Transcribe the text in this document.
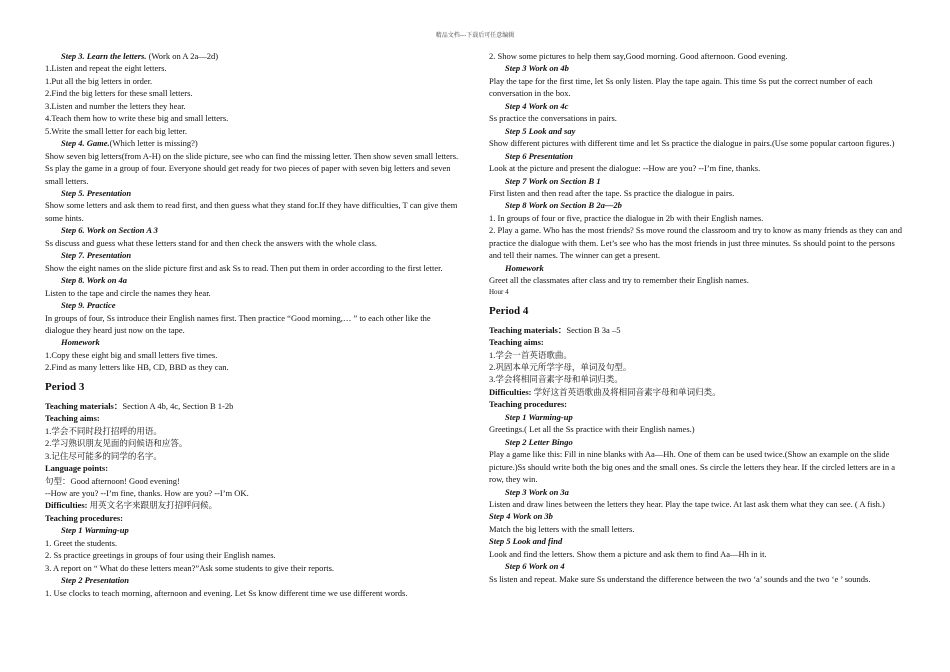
精品文档---下载后可任意编辑
Step 3. Learn the letters. (Work on A 2a—2d)
1.Listen and repeat the eight letters.
1.Put all the big letters in order.
2.Find the big letters for these small letters.
3.Listen and number the letters they hear.
4.Teach them how to write these big and small letters.
5.Write the small letter for each big letter.
Step 4. Game.(Which letter is missing?)
Show seven big letters(from A-H) on the slide picture, see who can find the missing letter. Then show seven small letters.
Ss play the game in a group of four. Everyone should get ready for two pieces of paper with seven big letters and seven small letters.
Step 5. Presentation
Show some letters and ask them to read first, and then guess what they stand for.If they have difficulties, T can give them some hints.
Step 6. Work on Section A 3
Ss discuss and guess what these letters stand for and then check the answers with the whole class.
Step 7. Presentation
Show the eight names on the slide picture first and ask Ss to read. Then put them in order according to the first letter.
Step 8. Work on 4a
Listen to the tape and circle the names they hear.
Step 9. Practice
In groups of four, Ss introduce their English names first. Then practice “Good morning,… ” to each other like the dialogue they heard just now on the tape.
Homework
1.Copy these eight big and small letters five times.
2.Find as many letters like HB, CD, BBD as they can.
Period 3
Teaching materials：Section A 4b, 4c, Section B 1-2b
Teaching aims:
1.学会不同时段打招呼的用语。
2.学习熟识朋友见面的问候语和应答。
3.记住尽可能多的同学的名字。
Language points:
句型：Good afternoon! Good evening!
--How are you? --I’m fine, thanks. How are you? --I’m OK.
Difficulties: 用英文名字来跟朋友打招呼问候。
Teaching procedures:
Step 1 Warming-up
1. Greet the students.
2. Ss practice greetings in groups of four using their English names.
3. A report on “ What do these letters mean?”Ask some students to give their reports.
Step 2 Presentation
1. Use clocks to teach morning, afternoon and evening. Let Ss know different time we use different words.
2. Show some pictures to help them say,Good morning. Good afternoon. Good evening.
Step 3 Work on 4b
Play the tape for the first time, let Ss only listen. Play the tape again. This time Ss put the correct number of each conversation in the box.
Step 4 Work on 4c
Ss practice the conversations in pairs.
Step 5 Look and say
Show different pictures with different time and let Ss practice the dialogue in pairs.(Use some popular cartoon figures.)
Step 6 Presentation
Look at the picture and present the dialogue: --How are you? --I’m fine, thanks.
Step 7 Work on Section B 1
First listen and then read after the tape. Ss practice the dialogue in pairs.
Step 8 Work on Section B 2a—2b
1. In groups of four or five, practice the dialogue in 2b with their English names.
2. Play a game. Who has the most friends? Ss move round the classroom and try to know as many friends as they can and practice the dialogue with them. Let’s see who has the most friends in just three minutes. Ss should point to the persons and tell their names. The winner can get a present.
Homework
Greet all the classmates after class and try to remember their English names.
Hour 4
Period 4
Teaching materials：Section B 3a –5
Teaching aims:
1.学会一首英语歌曲。
2.巩固本单元所学字母，单词及句型。
3.学会将相同音素字母和单词归类。
Difficulties: 学好这首英语歌曲及将相同音素字母和单词归类。
Teaching procedures:
Step 1 Warming-up
Greetings.( Let all the Ss practice with their English names.)
Step 2 Letter Bingo
Play a game like this: Fill in nine blanks with Aa—Hh. One of them can be used twice.(Show an example on the slide picture.)Ss should write both the big ones and the small ones. Ss circle the letters they hear. If the circled letters are in a row, they win.
Step 3 Work on 3a
Listen and draw lines between the letters they hear. Play the tape twice. At last ask them what they can see. ( A fish.)
Step 4 Work on 3b
Match the big letters with the small letters.
Step 5 Look and find
Look and find the letters. Show them a picture and ask them to find Aa—Hh in it.
Step 6 Work on 4
Ss listen and repeat. Make sure Ss understand the difference between the two ‘a’ sounds and the two ‘e ’ sounds.
